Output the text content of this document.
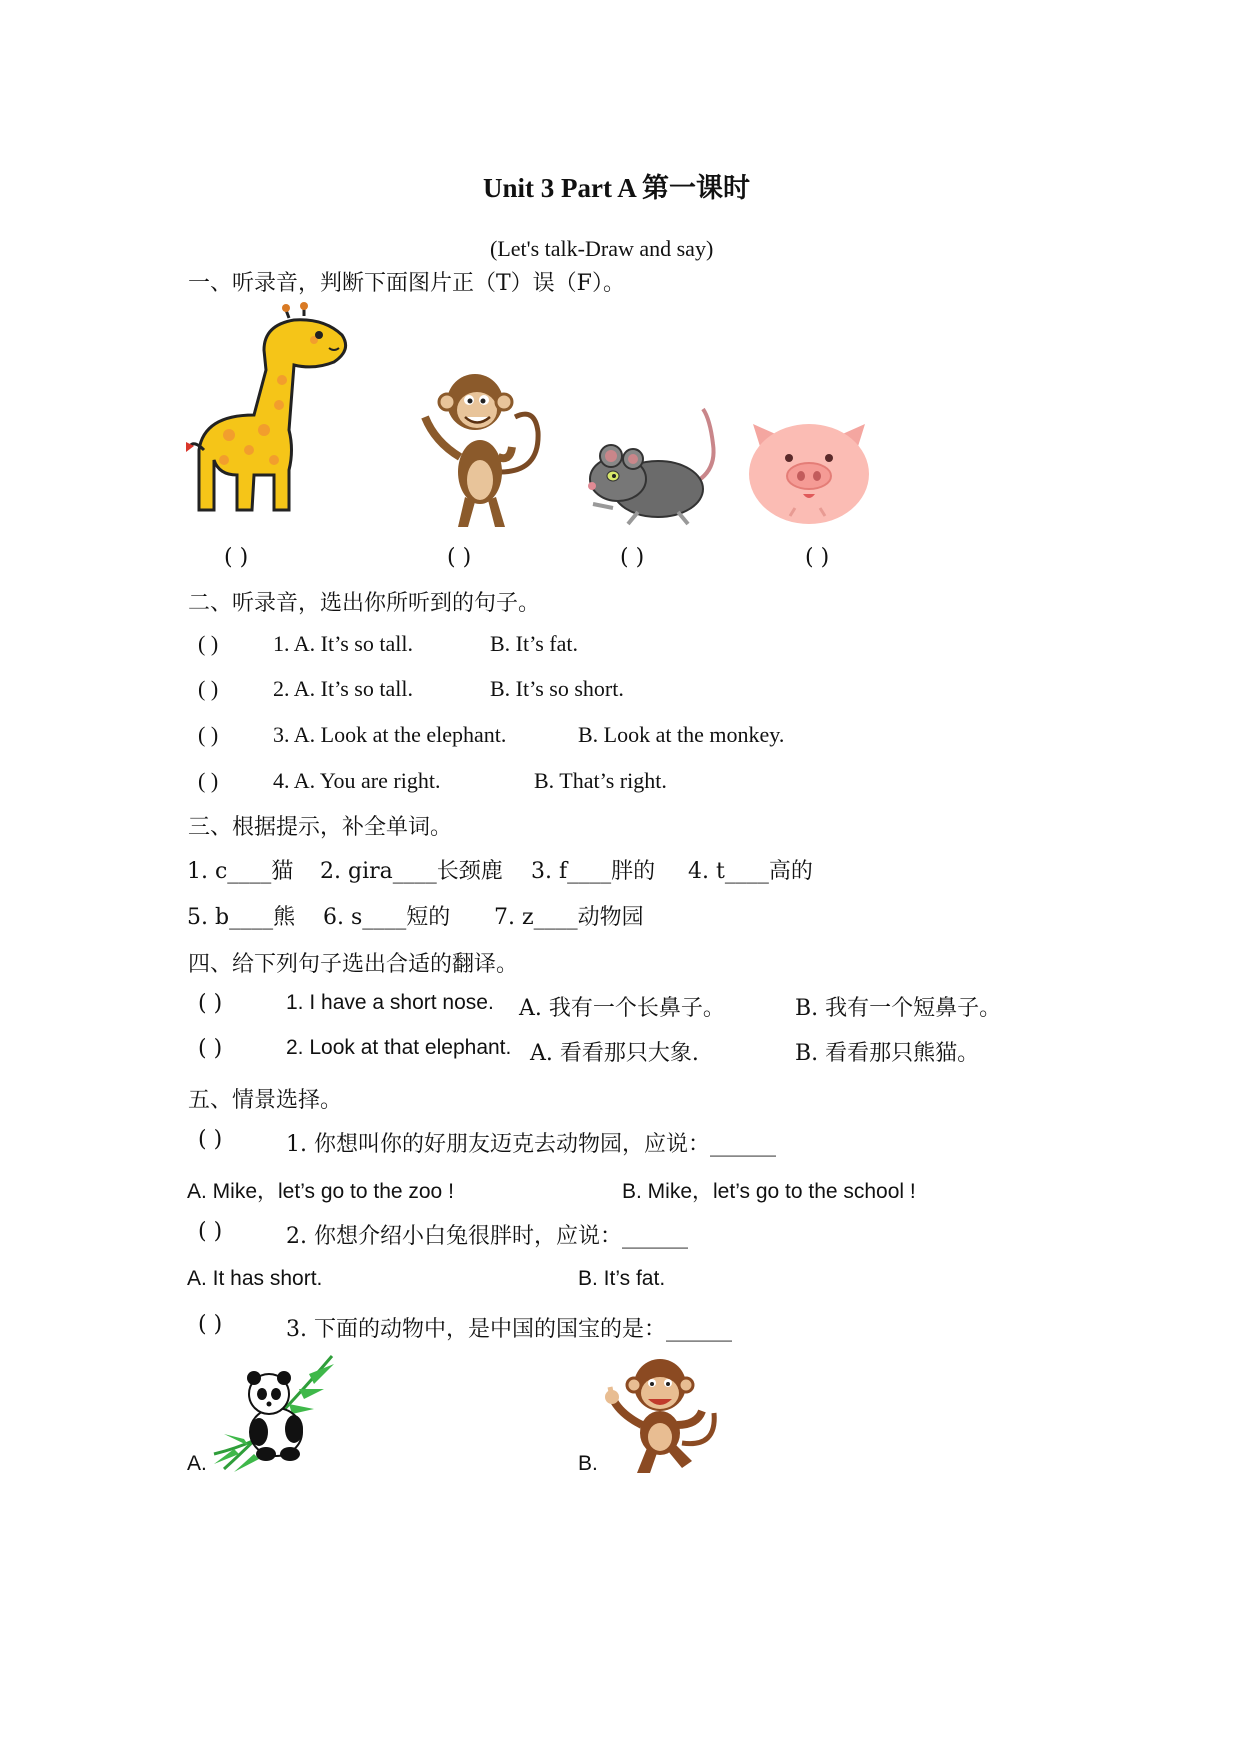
Unit 3 Part A 第一课时
(Let's talk-Draw and say)
一、听录音，判断下面图片正（T）误（F）。
( )	( )	( )	( )
二、听录音，选出你所听到的句子。
( ) 1. A. It’s so tall.	B. It’s fat.
( ) 2. A. It’s so tall.	B. It’s so short.
( ) 3. A. Look at the elephant.	B. Look at the monkey.
( ) 4. A. You are right.	B. That’s right.
三、根据提示，补全单词。
1. c____猫 2. gira____长颈鹿 3. f____胖的 4. t____高的
5. b____熊 6. s____短的 7. z____动物园
四、给下列句子选出合适的翻译。
( )	1. I have a short nose. A. 我有一个长鼻子。	B. 我有一个短鼻子。
( )	2. Look at that elephant. A. 看看那只大象.	B. 看看那只熊猫。
五、情景选择。
( )	1. 你想叫你的好朋友迈克去动物园，应说：______
A. Mike，let’s go to the zoo !	B. Mike，let’s go to the school !
( )	2. 你想介绍小白兔很胖时，应说：______
A. It has short.	B. It’s fat.
( )	3. 下面的动物中，是中国的国宝的是：______
A.	B.
